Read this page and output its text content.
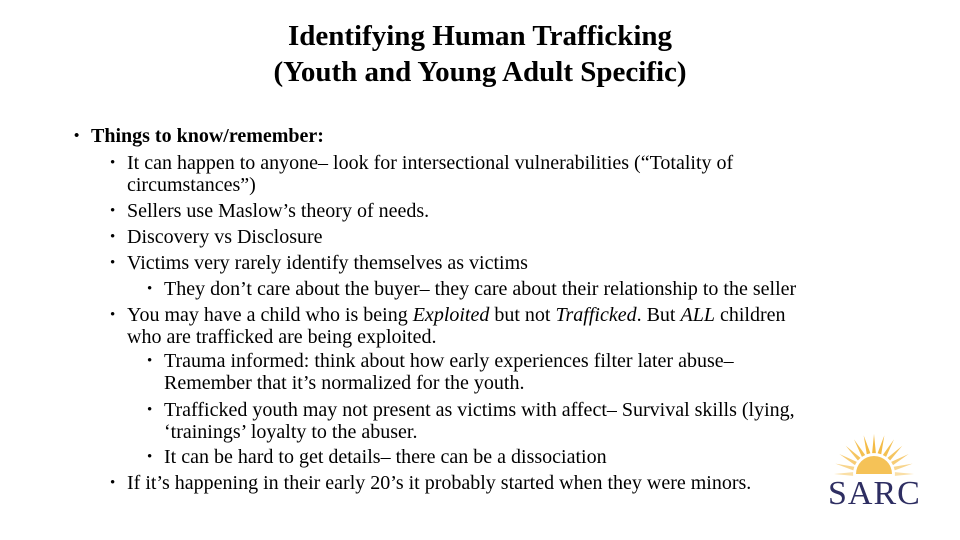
Identifying Human Trafficking
(Youth and Young Adult Specific)
• Things to know/remember:
• It can happen to anyone– look for intersectional vulnerabilities (“Totality of
circumstances”)
• Sellers use Maslow’s theory of needs.
• Discovery vs Disclosure
• Victims very rarely identify themselves as victims
• They don’t care about the buyer– they care about their relationship to the seller
• You may have a child who is being Exploited but not Trafficked. But ALL children
who are trafficked are being exploited.
• Trauma informed: think about how early experiences filter later abuse–
Remember that it’s normalized for the youth.
• Trafficked youth may not present as victims with affect– Survival skills (lying,
‘trainings’ loyalty to the abuser.
• It can be hard to get details– there can be a dissociation
• If it’s happening in their early 20’s it probably started when they were minors. SARC
